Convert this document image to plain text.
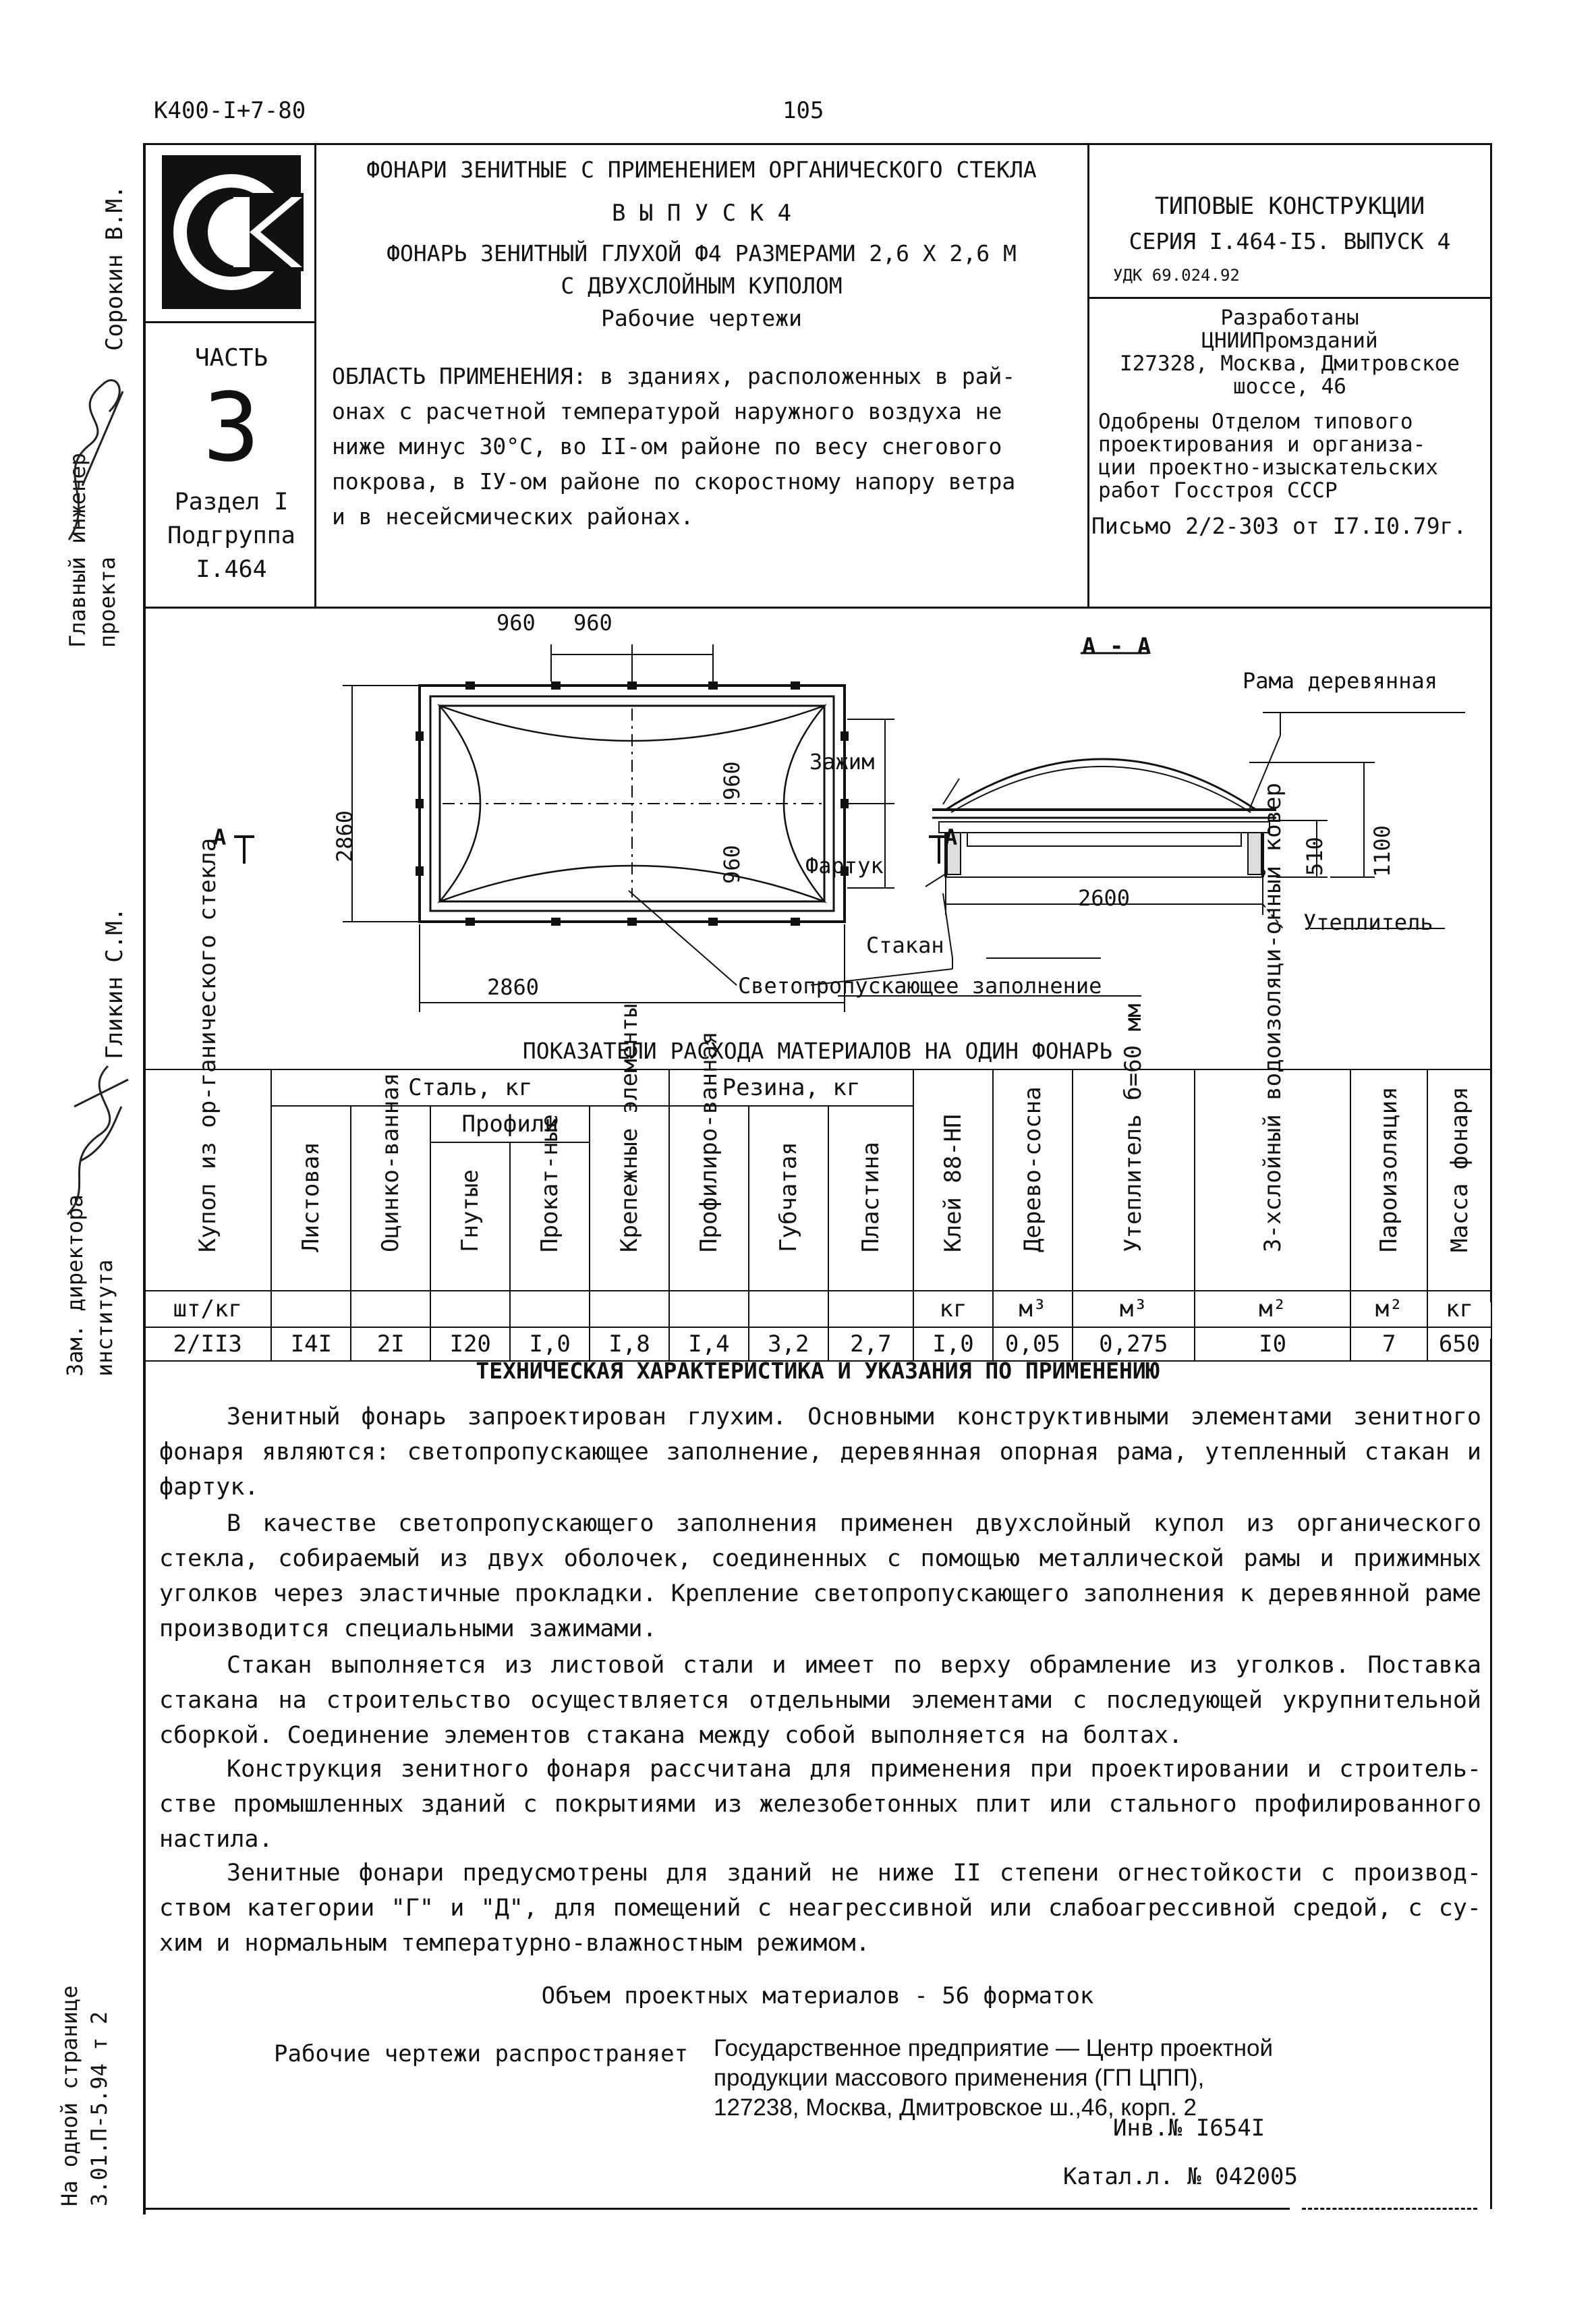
К400-I+7-80	105
Главный инженер проекта
Сорокин В.М.
Гликин С.М.
Зам. директора института
На одной странице 3.01.П-5.94 т 2
ЧАСТЬ
3
Раздел I
Подгруппа
I.464
ФОНАРИ ЗЕНИТНЫЕ С ПРИМЕНЕНИЕМ ОРГАНИЧЕСКОГО СТЕКЛА
В Ы П У С К 4
ФОНАРЬ ЗЕНИТНЫЙ ГЛУХОЙ Ф4 РАЗМЕРАМИ 2,6 Х 2,6 М
С ДВУХСЛОЙНЫМ КУПОЛОМ
Рабочие чертежи
ОБЛАСТЬ ПРИМЕНЕНИЯ: в зданиях, расположенных в рай-
онах с расчетной температурой наружного воздуха не
ниже минус 30°С, во II-ом районе по весу снегового
покрова, в IУ-ом районе по скоростному напору ветра
и в несейсмических районах.
ТИПОВЫЕ КОНСТРУКЦИИ
СЕРИЯ I.464-I5. ВЫПУСК 4
УДК 69.024.92
Разработаны
ЦНИИПромзданий
I27328, Москва, Дмитровское
шоссе, 46
Одобрены Отделом типового
проектирования и организа-
ции проектно-изыскательских
работ Госстроя СССР
Письмо 2/2-303 от I7.I0.79г.
960 960
2860
960
960
2860
А	А
А - А
Рама деревянная
Зажим
Фартук
Стакан
Светопропускающее заполнение
Утеплитель
2600
510 1100
ПОКАЗАТЕЛИ РАСХОДА МАТЕРИАЛОВ НА ОДИН ФОНАРЬ
Купол из ор-ганического стекла	Сталь, кг					Резина, кг			Клей 88-НП	Дерево-сосна	Утеплитель б=60 мм	3-хслойный водоизоляци-онный ковер	Пароизоляция	Масса фонаря

	Листовая	Оцинко-ванная	Профили		Крепежные элементы	Профилиро-ванная	Губчатая	Пластина						

			Гнутые	Прокат-ные										

шт/кг									кг	м³	м³	м²	м²	кг
2/II3	I4I	2I	I20	I,0	I,8	I,4	3,2	2,7	I,0	0,05	0,275	I0	7	650
ТЕХНИЧЕСКАЯ ХАРАКТЕРИСТИКА И УКАЗАНИЯ ПО ПРИМЕНЕНИЮ
Зенитный фонарь запроектирован глухим. Основными конструктивными элементами зенитного фонаря являются: светопропускающее заполнение, деревянная опорная рама, утепленный стакан и фартук.
В качестве светопропускающего заполнения применен двухслойный купол из органического стекла, собираемый из двух оболочек, соединенных с помощью металлической рамы и прижимных уголков через эластичные прокладки. Крепление светопропускающего заполнения к деревянной раме производится специальными зажимами.
Стакан выполняется из листовой стали и имеет по верху обрамление из уголков. Поставка стакана на строительство осуществляется отдельными элементами с последующей укрупнительной сборкой. Соединение элементов стакана между собой выполняется на болтах.
Конструкция зенитного фонаря рассчитана для применения при проектировании и строитель-стве промышленных зданий с покрытиями из железобетонных плит или стального профилированного настила.
Зенитные фонари предусмотрены для зданий не ниже II степени огнестойкости с производ-ством категории "Г" и "Д", для помещений с неагрессивной или слабоагрессивной средой, с су-хим и нормальным температурно-влажностным режимом.
Объем проектных материалов - 56 форматок
Рабочие чертежи распространяет Государственное предприятие — Центр проектной
продукции массового применения (ГП ЦПП),
127238, Москва, Дмитровское ш.,46, корп. 2
Инв.№ I654I
Катал.л. № 042005
